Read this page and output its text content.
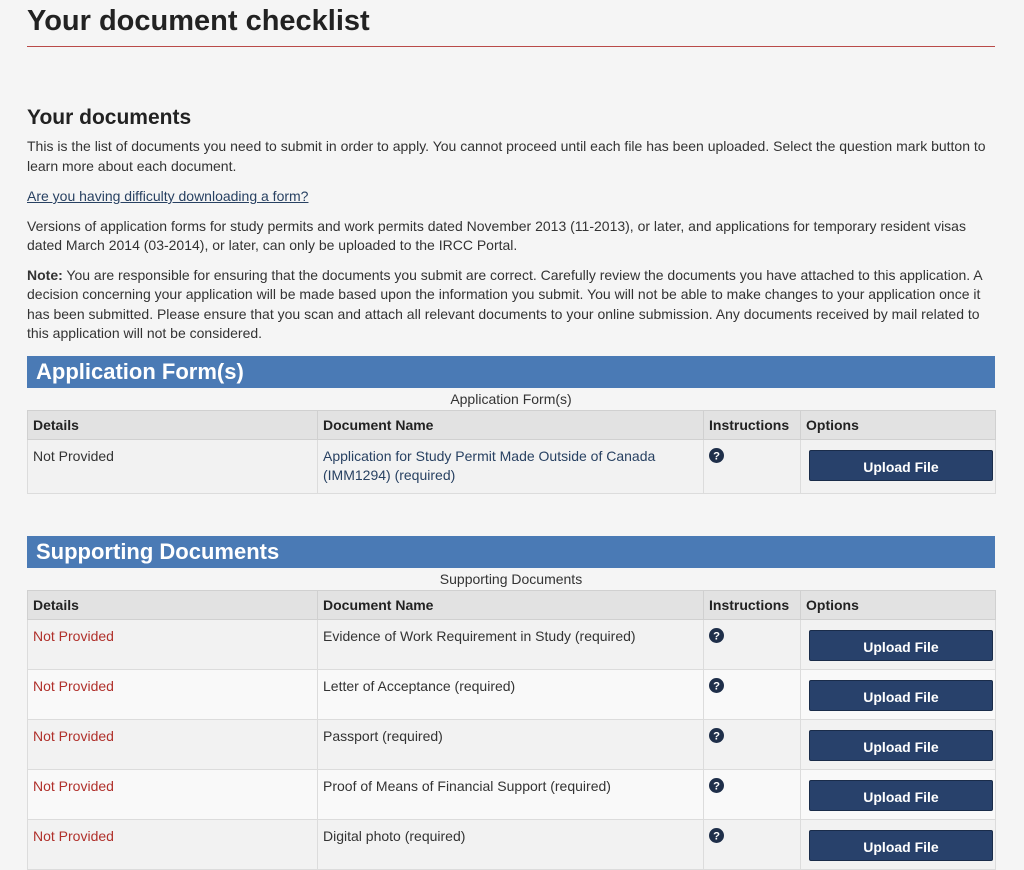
Your document checklist
Your documents

This is the list of documents you need to submit in order to apply. You cannot proceed until each file has been uploaded. Select the question mark button to learn more about each document.

Are you having difficulty downloading a form?

Versions of application forms for study permits and work permits dated November 2013 (11-2013), or later, and applications for temporary resident visas dated March 2014 (03-2014), or later, can only be uploaded to the IRCC Portal.

Note: You are responsible for ensuring that the documents you submit are correct. Carefully review the documents you have attached to this application. A decision concerning your application will be made based upon the information you submit. You will not be able to make changes to your application once it has been submitted. Please ensure that you scan and attach all relevant documents to your online submission. Any documents received by mail related to this application will not be considered.

Application Form(s)
Application Form(s)
Details	Document Name	Instructions	Options
Not Provided	Application for Study Permit Made Outside of Canada (IMM1294) (required)	?	Upload File
Supporting Documents
Supporting Documents
Details	Document Name	Instructions	Options
Not Provided	Evidence of Work Requirement in Study (required)	?	Upload File

Not Provided	Letter of Acceptance (required)	?	Upload File

Not Provided	Passport (required)	?	Upload File

Not Provided	Proof of Means of Financial Support (required)	?	Upload File

Not Provided	Digital photo (required)	?	Upload File
